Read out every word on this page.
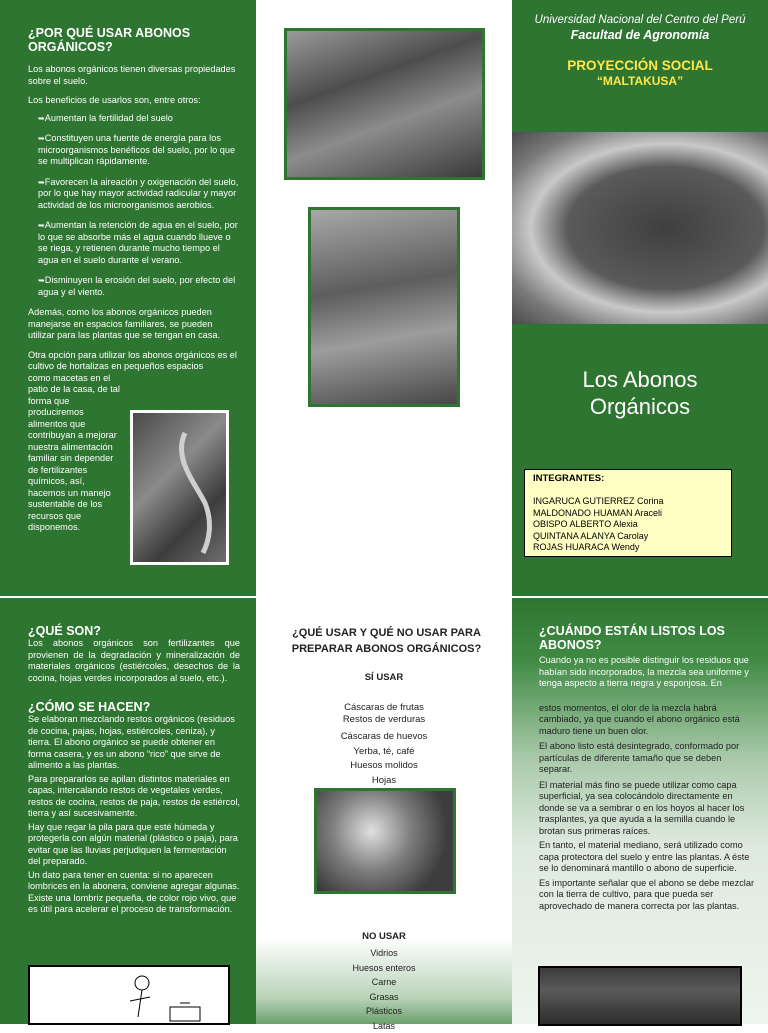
¿POR QUÉ USAR ABONOS ORGÁNICOS?

Los abonos orgánicos tienen diversas propiedades sobre el suelo.

Los beneficios de usarlos son, entre otros:

➥ Aumentan la fertilidad del suelo
➥ Constituyen una fuente de energía para los microorganismos benéficos del suelo, por lo que se multiplican rápidamente.
➥ Favorecen la aireación y oxigenación del suelo, por lo que hay mayor actividad radicular y mayor actividad de los microorganismos aerobios.
➥ Aumentan la retención de agua en el suelo, por lo que se absorbe más el agua cuando llueve o se riega, y retienen durante mucho tiempo el agua en el suelo durante el verano.
➥ Disminuyen la erosión del suelo, por efecto del agua y el viento.

Además, como los abonos orgánicos pueden manejarse en espacios familiares, se pueden utilizar para las plantas que se tengan en casa.

Otra opción para utilizar los abonos orgánicos es el cultivo de hortalizas en pequeños espacios

como macetas en el patio de la casa, de tal forma que produciremos alimentos que contribuyan a mejorar nuestra alimentación familiar sin depender de fertilizantes químicos, así, hacemos un manejo sustentable de los recursos que disponemos.

Universidad Nacional del Centro del Perú
Facultad de Agronomía
PROYECCIÓN SOCIAL
“MALTAKUSA”
Los Abonos
Orgánicos
INTEGRANTES:
INGARUCA GUTIERREZ Corina
MALDONADO HUAMAN Araceli
OBISPO ALBERTO Alexia
QUINTANA ALANYA Carolay
ROJAS HUARACA Wendy
¿QUÉ SON?

Los abonos orgánicos son fertilizantes que provienen de la degradación y mineralización de materiales orgánicos (estiércoles, desechos de la cocina, hojas verdes incorporados al suelo, etc.).

¿CÓMO SE HACEN?

Se elaboran mezclando restos orgánicos (residuos de cocina, pajas, hojas, estiércoles, ceniza), y tierra. El abono orgánico se puede obtener en forma casera, y es un abono “rico” que sirve de alimento a las plantas.

Para prepararlos se apilan distintos materiales en capas, intercalando restos de vegetales verdes, restos de cocina, restos de paja, restos de estiércol, tierra y así sucesivamente.

Hay que regar la pila para que esté húmeda y protegerla con algún material (plástico o paja), para evitar que las lluvias perjudiquen la fermentación del preparado.

Un dato para tener en cuenta: si no aparecen lombrices en la abonera, conviene agregar algunas. Existe una lombriz pequeña, de color rojo vivo, que es útil para acelerar el proceso de transformación.

¿QUÉ USAR Y QUÉ NO USAR PARA PREPARAR ABONOS ORGÁNICOS?
SÍ USAR
Cáscaras de frutas
Restos de verduras
Cáscaras de huevos
Yerba, té, café
Huesos molidos
Hojas
NO USAR
Vidrios
Huesos enteros
Carne
Grasas
Plásticos
Latas
¿CUÁNDO ESTÁN LISTOS LOS ABONOS?

Cuando ya no es posible distinguir los residuos que habían sido incorporados, la mezcla sea uniforme y tenga aspecto a tierra negra y esponjosa. En

estos momentos, el olor de la mezcla habrá cambiado, ya que cuando el abono orgánico está maduro tiene un buen olor.

El abono listo está desintegrado, conformado por partículas de diferente tamaño que se deben separar.

El material más fino se puede utilizar como capa superficial, ya sea colocándolo directamente en donde se va a sembrar o en los hoyos al hacer los trasplantes, ya que ayuda a la semilla cuando le brotan sus primeras raíces.

En tanto, el material mediano, será utilizado como capa protectora del suelo y entre las plantas. A éste se lo denominará mantillo o abono de superficie.

Es importante señalar que el abono se debe mezclar con la tierra de cultivo, para que pueda ser aprovechado de manera correcta por las plantas.
